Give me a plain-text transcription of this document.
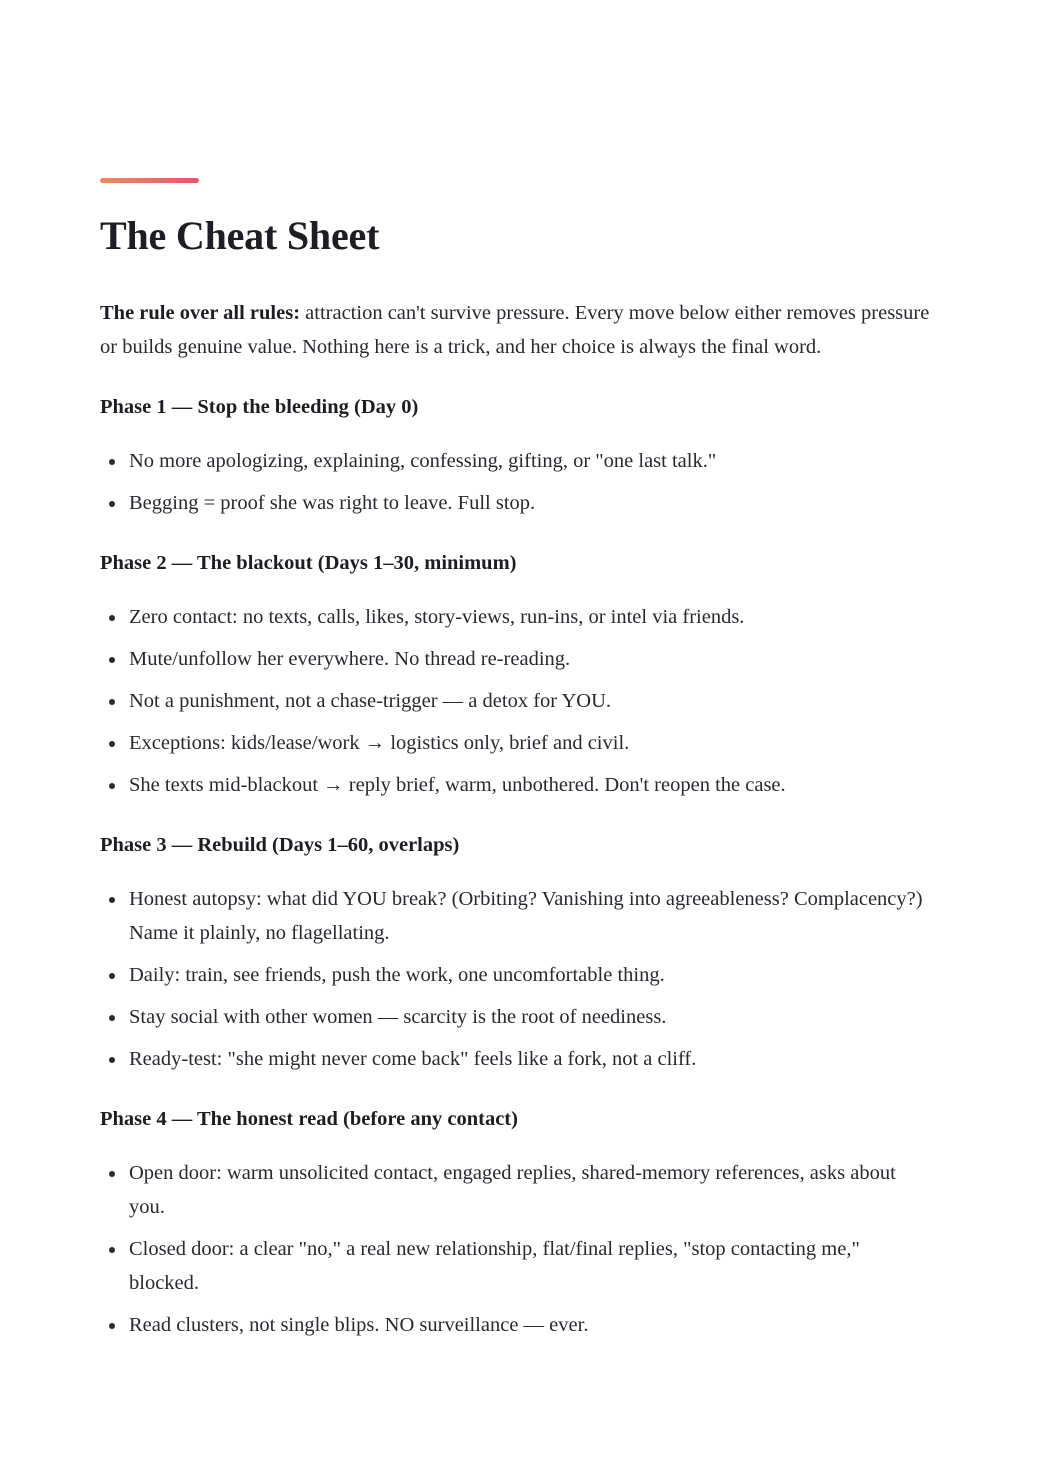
The Cheat Sheet

The rule over all rules: attraction can't survive pressure. Every move below either removes pressure or builds genuine value. Nothing here is a trick, and her choice is always the final word.

Phase 1 — Stop the bleeding (Day 0)
No more apologizing, explaining, confessing, gifting, or "one last talk."
Begging = proof she was right to leave. Full stop.
Phase 2 — The blackout (Days 1–30, minimum)
Zero contact: no texts, calls, likes, story-views, run-ins, or intel via friends.
Mute/unfollow her everywhere. No thread re-reading.
Not a punishment, not a chase-trigger — a detox for YOU.
Exceptions: kids/lease/work → logistics only, brief and civil.
She texts mid-blackout → reply brief, warm, unbothered. Don't reopen the case.
Phase 3 — Rebuild (Days 1–60, overlaps)
Honest autopsy: what did YOU break? (Orbiting? Vanishing into agreeableness? Complacency?) Name it plainly, no flagellating.
Daily: train, see friends, push the work, one uncomfortable thing.
Stay social with other women — scarcity is the root of neediness.
Ready-test: "she might never come back" feels like a fork, not a cliff.
Phase 4 — The honest read (before any contact)
Open door: warm unsolicited contact, engaged replies, shared-memory references, asks about you.
Closed door: a clear "no," a real new relationship, flat/final replies, "stop contacting me," blocked.
Read clusters, not single blips. NO surveillance — ever.
